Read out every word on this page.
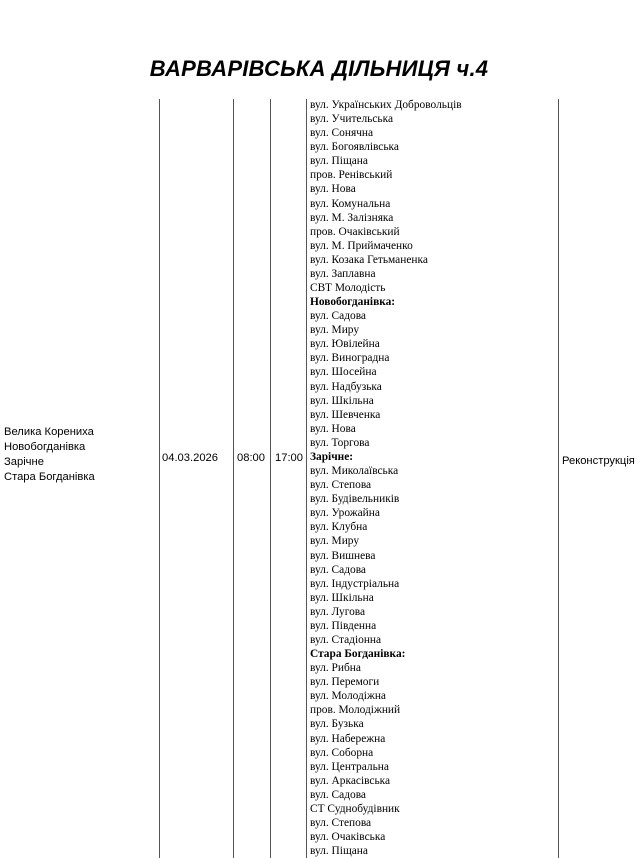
ВАРВАРІВСЬКА ДІЛЬНИЦЯ ч.4
Велика Корениха
Новобогданівка
Зарічне
Стара Богданівка
04.03.2026 08:00 17:00	Реконструкція
вул. Українських Добровольців
вул. Учительська
вул. Сонячна
вул. Богоявлівська
вул. Піщана
пров. Ренівський
вул. Нова
вул. Комунальна
вул. М. Залізняка
пров. Очаківський
вул. М. Приймаченко
вул. Козака Гетьманенка
вул. Заплавна
СВТ Молодість
Новобогданівка:
вул. Садова
вул. Миру
вул. Ювілейна
вул. Виноградна
вул. Шосейна
вул. Надбузька
вул. Шкільна
вул. Шевченка
вул. Нова
вул. Торгова
Зарічне:
вул. Миколаївська
вул. Степова
вул. Будівельників
вул. Урожайна
вул. Клубна
вул. Миру
вул. Вишнева
вул. Садова
вул. Індустріальна
вул. Шкільна
вул. Лугова
вул. Південна
вул. Стадіонна
Стара Богданівка:
вул. Рибна
вул. Перемоги
вул. Молодіжна
пров. Молодіжний
вул. Бузька
вул. Набережна
вул. Соборна
вул. Центральна
вул. Аркасівська
вул. Садова
СТ Суднобудівник
вул. Степова
вул. Очаківська
вул. Піщана
